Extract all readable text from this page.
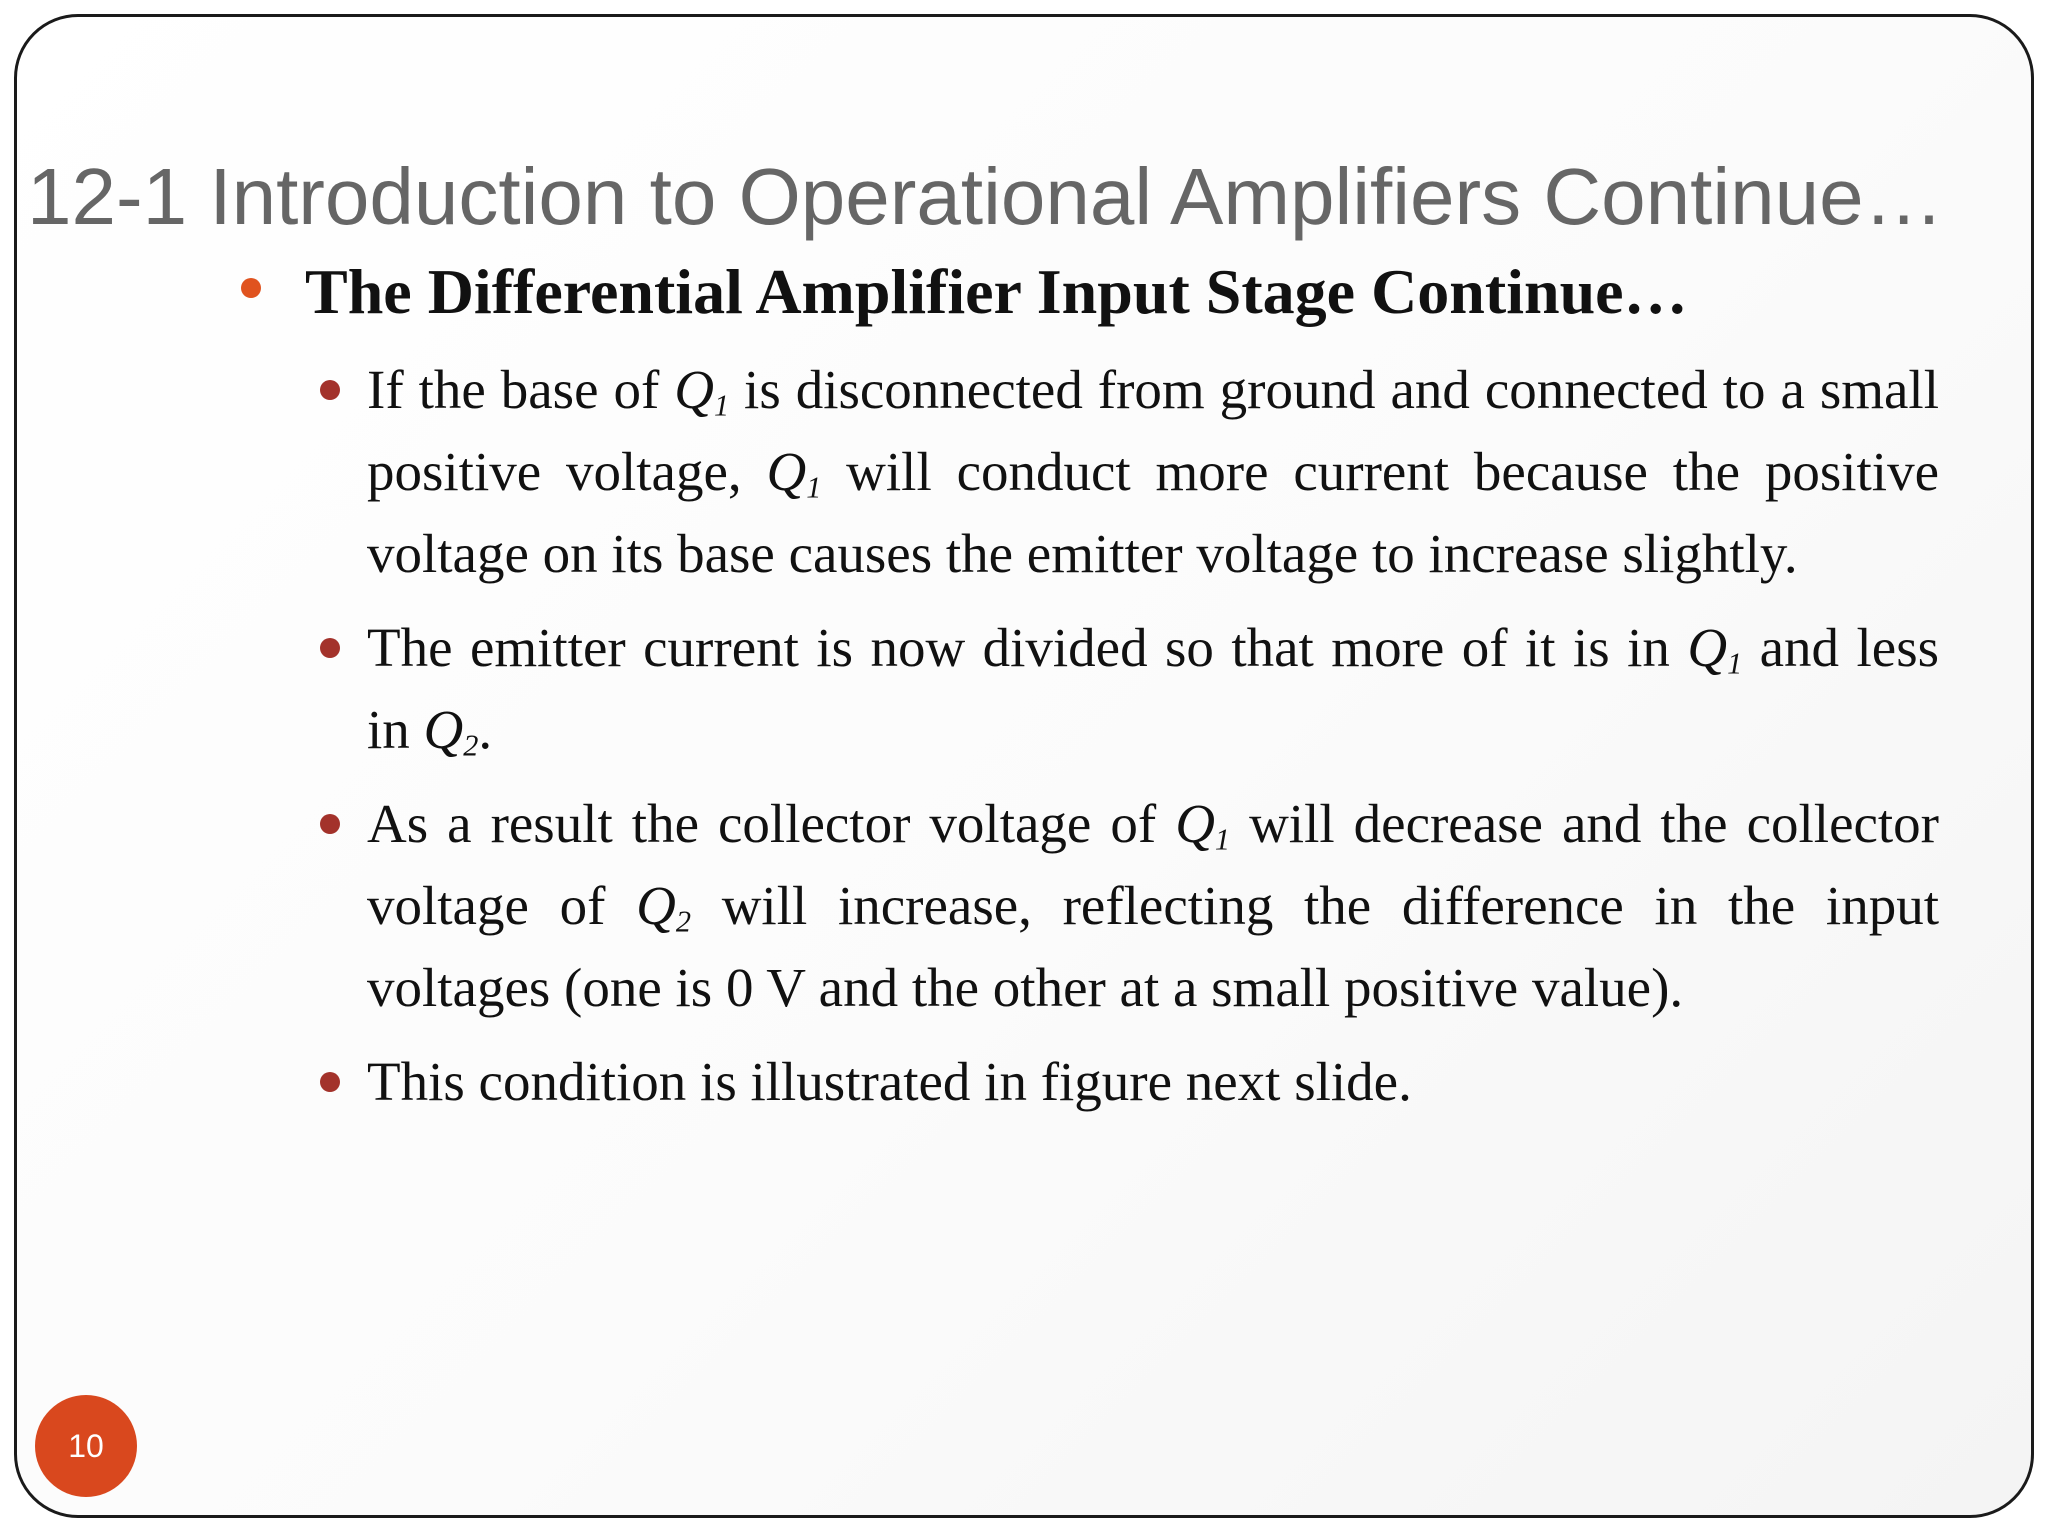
12-1 Introduction to Operational Amplifiers Continue…
The Differential Amplifier Input Stage Continue…
If the base of $Q_1$ is disconnected from ground and connected to a small positive voltage, $Q_1$ will conduct more current because the positive voltage on its base causes the emitter voltage to increase slightly.
The emitter current is now divided so that more of it is in $Q_1$ and less in $Q_2$.
As a result the collector voltage of $Q_1$ will decrease and the collector voltage of $Q_2$ will increase, reflecting the difference in the input voltages (one is 0 V and the other at a small positive value).
This condition is illustrated in figure next slide.
10
